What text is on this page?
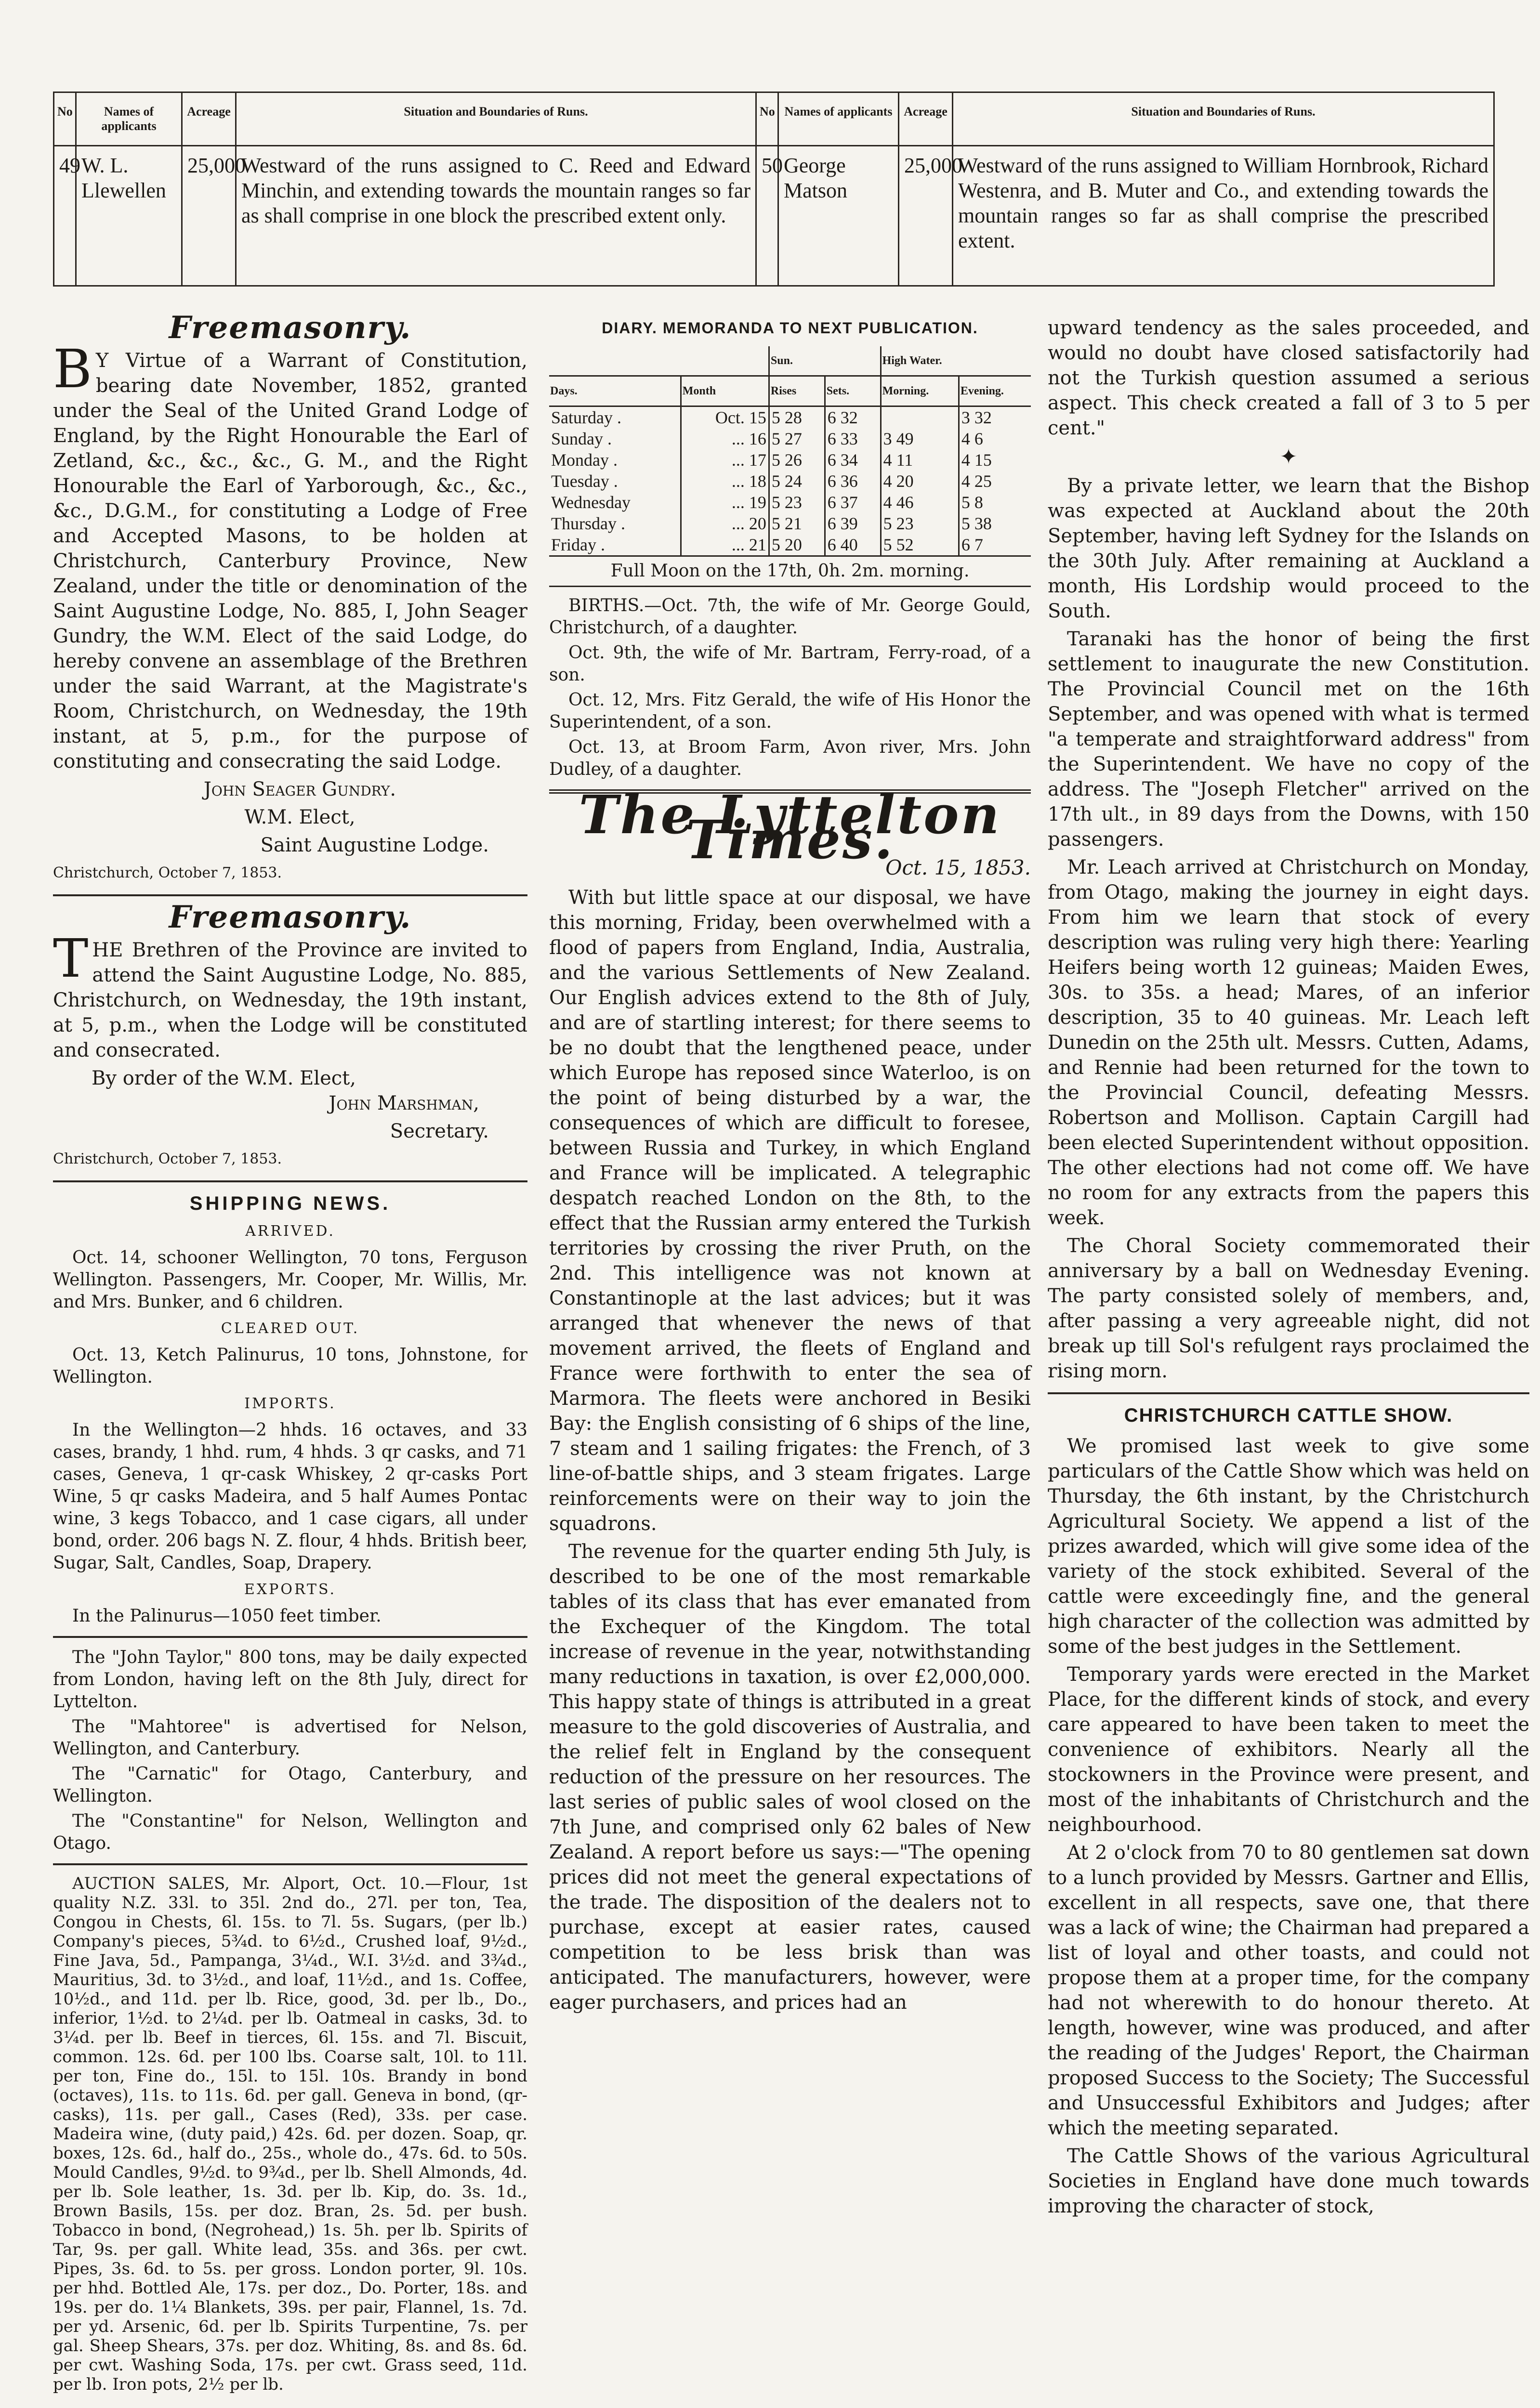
No	Names of applicants	Acreage	Situation and Boundaries of Runs.	No	Names of applicants	Acreage	Situation and Boundaries of Runs.
49	W. L. Llewellen	25,000	Westward of the runs assigned to C. Reed and Edward Minchin, and extending towards the mountain ranges so far as shall comprise in one block the prescribed extent only.	50	George Matson	25,000	Westward of the runs assigned to William Hornbrook, Richard Westenra, and B. Muter and Co., and extending towards the mountain ranges so far as shall comprise the prescribed extent.
Freemasonry.

BY Virtue of a Warrant of Constitution, bearing date November, 1852, granted under the Seal of the United Grand Lodge of England, by the Right Honourable the Earl of Zetland, &c., &c., &c., G. M., and the Right Honourable the Earl of Yarborough, &c., &c., &c., D.G.M., for constituting a Lodge of Free and Accepted Masons, to be holden at Christchurch, Canterbury Province, New Zealand, under the title or denomination of the Saint Augustine Lodge, No. 885, I, John Seager Gundry, the W.M. Elect of the said Lodge, do hereby convene an assemblage of the Brethren under the said Warrant, at the Magistrate's Room, Christchurch, on Wednesday, the 19th instant, at 5, p.m., for the purpose of constituting and consecrating the said Lodge.

John Seager Gundry.

W.M. Elect,

Saint Augustine Lodge.

Christchurch, October 7, 1853.
Freemasonry.

THE Brethren of the Province are invited to attend the Saint Augustine Lodge, No. 885, Christchurch, on Wednesday, the 19th instant, at 5, p.m., when the Lodge will be constituted and consecrated.

By order of the W.M. Elect,

John Marshman,

Secretary.

Christchurch, October 7, 1853.
SHIPPING NEWS.
ARRIVED.

Oct. 14, schooner Wellington, 70 tons, Ferguson Wellington. Passengers, Mr. Cooper, Mr. Willis, Mr. and Mrs. Bunker, and 6 children.

CLEARED OUT.

Oct. 13, Ketch Palinurus, 10 tons, Johnstone, for Wellington.

IMPORTS.

In the Wellington—2 hhds. 16 octaves, and 33 cases, brandy, 1 hhd. rum, 4 hhds. 3 qr casks, and 71 cases, Geneva, 1 qr-cask Whiskey, 2 qr-casks Port Wine, 5 qr casks Madeira, and 5 half Aumes Pontac wine, 3 kegs Tobacco, and 1 case cigars, all under bond, order. 206 bags N. Z. flour, 4 hhds. British beer, Sugar, Salt, Candles, Soap, Drapery.

EXPORTS.

In the Palinurus—1050 feet timber.

The "John Taylor," 800 tons, may be daily expected from London, having left on the 8th July, direct for Lyttelton.

The "Mahtoree" is advertised for Nelson, Wellington, and Canterbury.

The "Carnatic" for Otago, Canterbury, and Wellington.

The "Constantine" for Nelson, Wellington and Otago.

AUCTION SALES, Mr. Alport, Oct. 10.—Flour, 1st quality N.Z. 33l. to 35l. 2nd do., 27l. per ton, Tea, Congou in Chests, 6l. 15s. to 7l. 5s. Sugars, (per lb.) Company's pieces, 5¾d. to 6½d., Crushed loaf, 9½d., Fine Java, 5d., Pampanga, 3¼d., W.I. 3½d. and 3¾d., Mauritius, 3d. to 3½d., and loaf, 11½d., and 1s. Coffee, 10½d., and 11d. per lb. Rice, good, 3d. per lb., Do., inferior, 1½d. to 2¼d. per lb. Oatmeal in casks, 3d. to 3¼d. per lb. Beef in tierces, 6l. 15s. and 7l. Biscuit, common. 12s. 6d. per 100 lbs. Coarse salt, 10l. to 11l. per ton, Fine do., 15l. to 15l. 10s. Brandy in bond (octaves), 11s. to 11s. 6d. per gall. Geneva in bond, (qr-casks), 11s. per gall., Cases (Red), 33s. per case. Madeira wine, (duty paid,) 42s. 6d. per dozen. Soap, qr. boxes, 12s. 6d., half do., 25s., whole do., 47s. 6d. to 50s. Mould Candles, 9½d. to 9¾d., per lb. Shell Almonds, 4d. per lb. Sole leather, 1s. 3d. per lb. Kip, do. 3s. 1d., Brown Basils, 15s. per doz. Bran, 2s. 5d. per bush. Tobacco in bond, (Negrohead,) 1s. 5h. per lb. Spirits of Tar, 9s. per gall. White lead, 35s. and 36s. per cwt. Pipes, 3s. 6d. to 5s. per gross. London porter, 9l. 10s. per hhd. Bottled Ale, 17s. per doz., Do. Porter, 18s. and 19s. per do. 1¼ Blankets, 39s. per pair, Flannel, 1s. 7d. per yd. Arsenic, 6d. per lb. Spirits Turpentine, 7s. per gal. Sheep Shears, 37s. per doz. Whiting, 8s. and 8s. 6d. per cwt. Washing Soda, 17s. per cwt. Grass seed, 11d. per lb. Iron pots, 2½ per lb.

DIARY. MEMORANDA TO NEXT PUBLICATION.
		Sun.		High Water.	
Days.	Month	Rises	Sets.	Morning.	Evening.
Saturday .	Oct. 15	5 28	6 32		3 32
Sunday .	... 16	5 27	6 33	3 49	4 6
Monday .	... 17	5 26	6 34	4 11	4 15
Tuesday .	... 18	5 24	6 36	4 20	4 25
Wednesday	... 19	5 23	6 37	4 46	5 8
Thursday .	... 20	5 21	6 39	5 23	5 38
Friday .	... 21	5 20	6 40	5 52	6 7
Full Moon on the 17th, 0h. 2m. morning.

BIRTHS.—Oct. 7th, the wife of Mr. George Gould, Christchurch, of a daughter.

Oct. 9th, the wife of Mr. Bartram, Ferry-road, of a son.

Oct. 12, Mrs. Fitz Gerald, the wife of His Honor the Superintendent, of a son.

Oct. 13, at Broom Farm, Avon river, Mrs. John Dudley, of a daughter.

The Lyttelton Times.
Oct. 15, 1853.

With but little space at our disposal, we have this morning, Friday, been overwhelmed with a flood of papers from England, India, Australia, and the various Settlements of New Zealand. Our English advices extend to the 8th of July, and are of startling interest; for there seems to be no doubt that the lengthened peace, under which Europe has reposed since Waterloo, is on the point of being disturbed by a war, the consequences of which are difficult to foresee, between Russia and Turkey, in which England and France will be implicated. A telegraphic despatch reached London on the 8th, to the effect that the Russian army entered the Turkish territories by crossing the river Pruth, on the 2nd. This intelligence was not known at Constantinople at the last advices; but it was arranged that whenever the news of that movement arrived, the fleets of England and France were forthwith to enter the sea of Marmora. The fleets were anchored in Besiki Bay: the English consisting of 6 ships of the line, 7 steam and 1 sailing frigates: the French, of 3 line-of-battle ships, and 3 steam frigates. Large reinforcements were on their way to join the squadrons.

The revenue for the quarter ending 5th July, is described to be one of the most remarkable tables of its class that has ever emanated from the Exchequer of the Kingdom. The total increase of revenue in the year, notwithstanding many reductions in taxation, is over £2,000,000. This happy state of things is attributed in a great measure to the gold discoveries of Australia, and the relief felt in England by the consequent reduction of the pressure on her resources. The last series of public sales of wool closed on the 7th June, and comprised only 62 bales of New Zealand. A report before us says:—"The opening prices did not meet the general expectations of the trade. The disposition of the dealers not to purchase, except at easier rates, caused competition to be less brisk than was anticipated. The manufacturers, however, were eager purchasers, and prices had an

upward tendency as the sales proceeded, and would no doubt have closed satisfactorily had not the Turkish question assumed a serious aspect. This check created a fall of 3 to 5 per cent."

✦

By a private letter, we learn that the Bishop was expected at Auckland about the 20th September, having left Sydney for the Islands on the 30th July. After remaining at Auckland a month, His Lordship would proceed to the South.

Taranaki has the honor of being the first settlement to inaugurate the new Constitution. The Provincial Council met on the 16th September, and was opened with what is termed "a temperate and straightforward address" from the Superintendent. We have no copy of the address. The "Joseph Fletcher" arrived on the 17th ult., in 89 days from the Downs, with 150 passengers.

Mr. Leach arrived at Christchurch on Monday, from Otago, making the journey in eight days. From him we learn that stock of every description was ruling very high there: Yearling Heifers being worth 12 guineas; Maiden Ewes, 30s. to 35s. a head; Mares, of an inferior description, 35 to 40 guineas. Mr. Leach left Dunedin on the 25th ult. Messrs. Cutten, Adams, and Rennie had been returned for the town to the Provincial Council, defeating Messrs. Robertson and Mollison. Captain Cargill had been elected Superintendent without opposition. The other elections had not come off. We have no room for any extracts from the papers this week.

The Choral Society commemorated their anniversary by a ball on Wednesday Evening. The party consisted solely of members, and, after passing a very agreeable night, did not break up till Sol's refulgent rays proclaimed the rising morn.

CHRISTCHURCH CATTLE SHOW.

We promised last week to give some particulars of the Cattle Show which was held on Thursday, the 6th instant, by the Christchurch Agricultural Society. We append a list of the prizes awarded, which will give some idea of the variety of the stock exhibited. Several of the cattle were exceedingly fine, and the general high character of the collection was admitted by some of the best judges in the Settlement.

Temporary yards were erected in the Market Place, for the different kinds of stock, and every care appeared to have been taken to meet the convenience of exhibitors. Nearly all the stockowners in the Province were present, and most of the inhabitants of Christchurch and the neighbourhood.

At 2 o'clock from 70 to 80 gentlemen sat down to a lunch provided by Messrs. Gartner and Ellis, excellent in all respects, save one, that there was a lack of wine; the Chairman had prepared a list of loyal and other toasts, and could not propose them at a proper time, for the company had not wherewith to do honour thereto. At length, however, wine was produced, and after the reading of the Judges' Report, the Chairman proposed Success to the Society; The Successful and Unsuccessful Exhibitors and Judges; after which the meeting separated.

The Cattle Shows of the various Agricultural Societies in England have done much towards improving the character of stock,
